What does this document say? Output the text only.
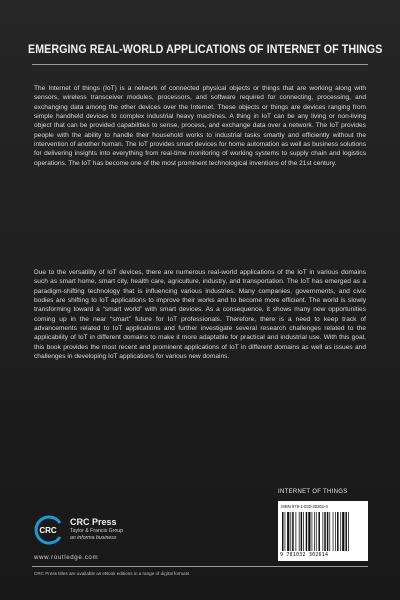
EMERGING REAL-WORLD APPLICATIONS OF INTERNET OF THINGS

The Internet of things (IoT) is a network of connected physical objects or things that are working along with sensors, wireless transceiver modules, processors, and software required for connecting, processing, and exchanging data among the other devices over the Internet. These objects or things are devices ranging from simple handheld devices to complex industrial heavy machines. A thing in IoT can be any living or non-living object that can be provided capabilities to sense, process, and exchange data over a network. The IoT provides people with the ability to handle their household works to industrial tasks smartly and efficiently without the intervention of another human. The IoT provides smart devices for home automation as well as business solutions for delivering insights into everything from real-time monitoring of working systems to supply chain and logistics operations. The IoT has become one of the most prominent technological inventions of the 21st century.

Due to the versatility of IoT devices, there are numerous real-world applications of the IoT in various domains such as smart home, smart city, health care, agriculture, industry, and transportation. The IoT has emerged as a paradigm-shifting technology that is influencing various industries. Many companies, governments, and civic bodies are shifting to IoT applications to improve their works and to become more efficient. The world is slowly transforming toward a “smart world” with smart devices. As a consequence, it shows many new opportunities coming up in the near “smart” future for IoT professionals. Therefore, there is a need to keep track of advancements related to IoT applications and further investigate several research challenges related to the applicability of IoT in different domains to make it more adaptable for practical and industrial use. With this goal, this book provides the most recent and prominent applications of IoT in different domains as well as issues and challenges in developing IoT applications for various new domains.

INTERNET OF THINGS
ISBN 978-1-032-30261-4
9 781032 302614
CRC
CRC Press
Taylor & Francis Group
an informa business
www.routledge.com
CRC Press titles are available as eBook editions in a range of digital formats
